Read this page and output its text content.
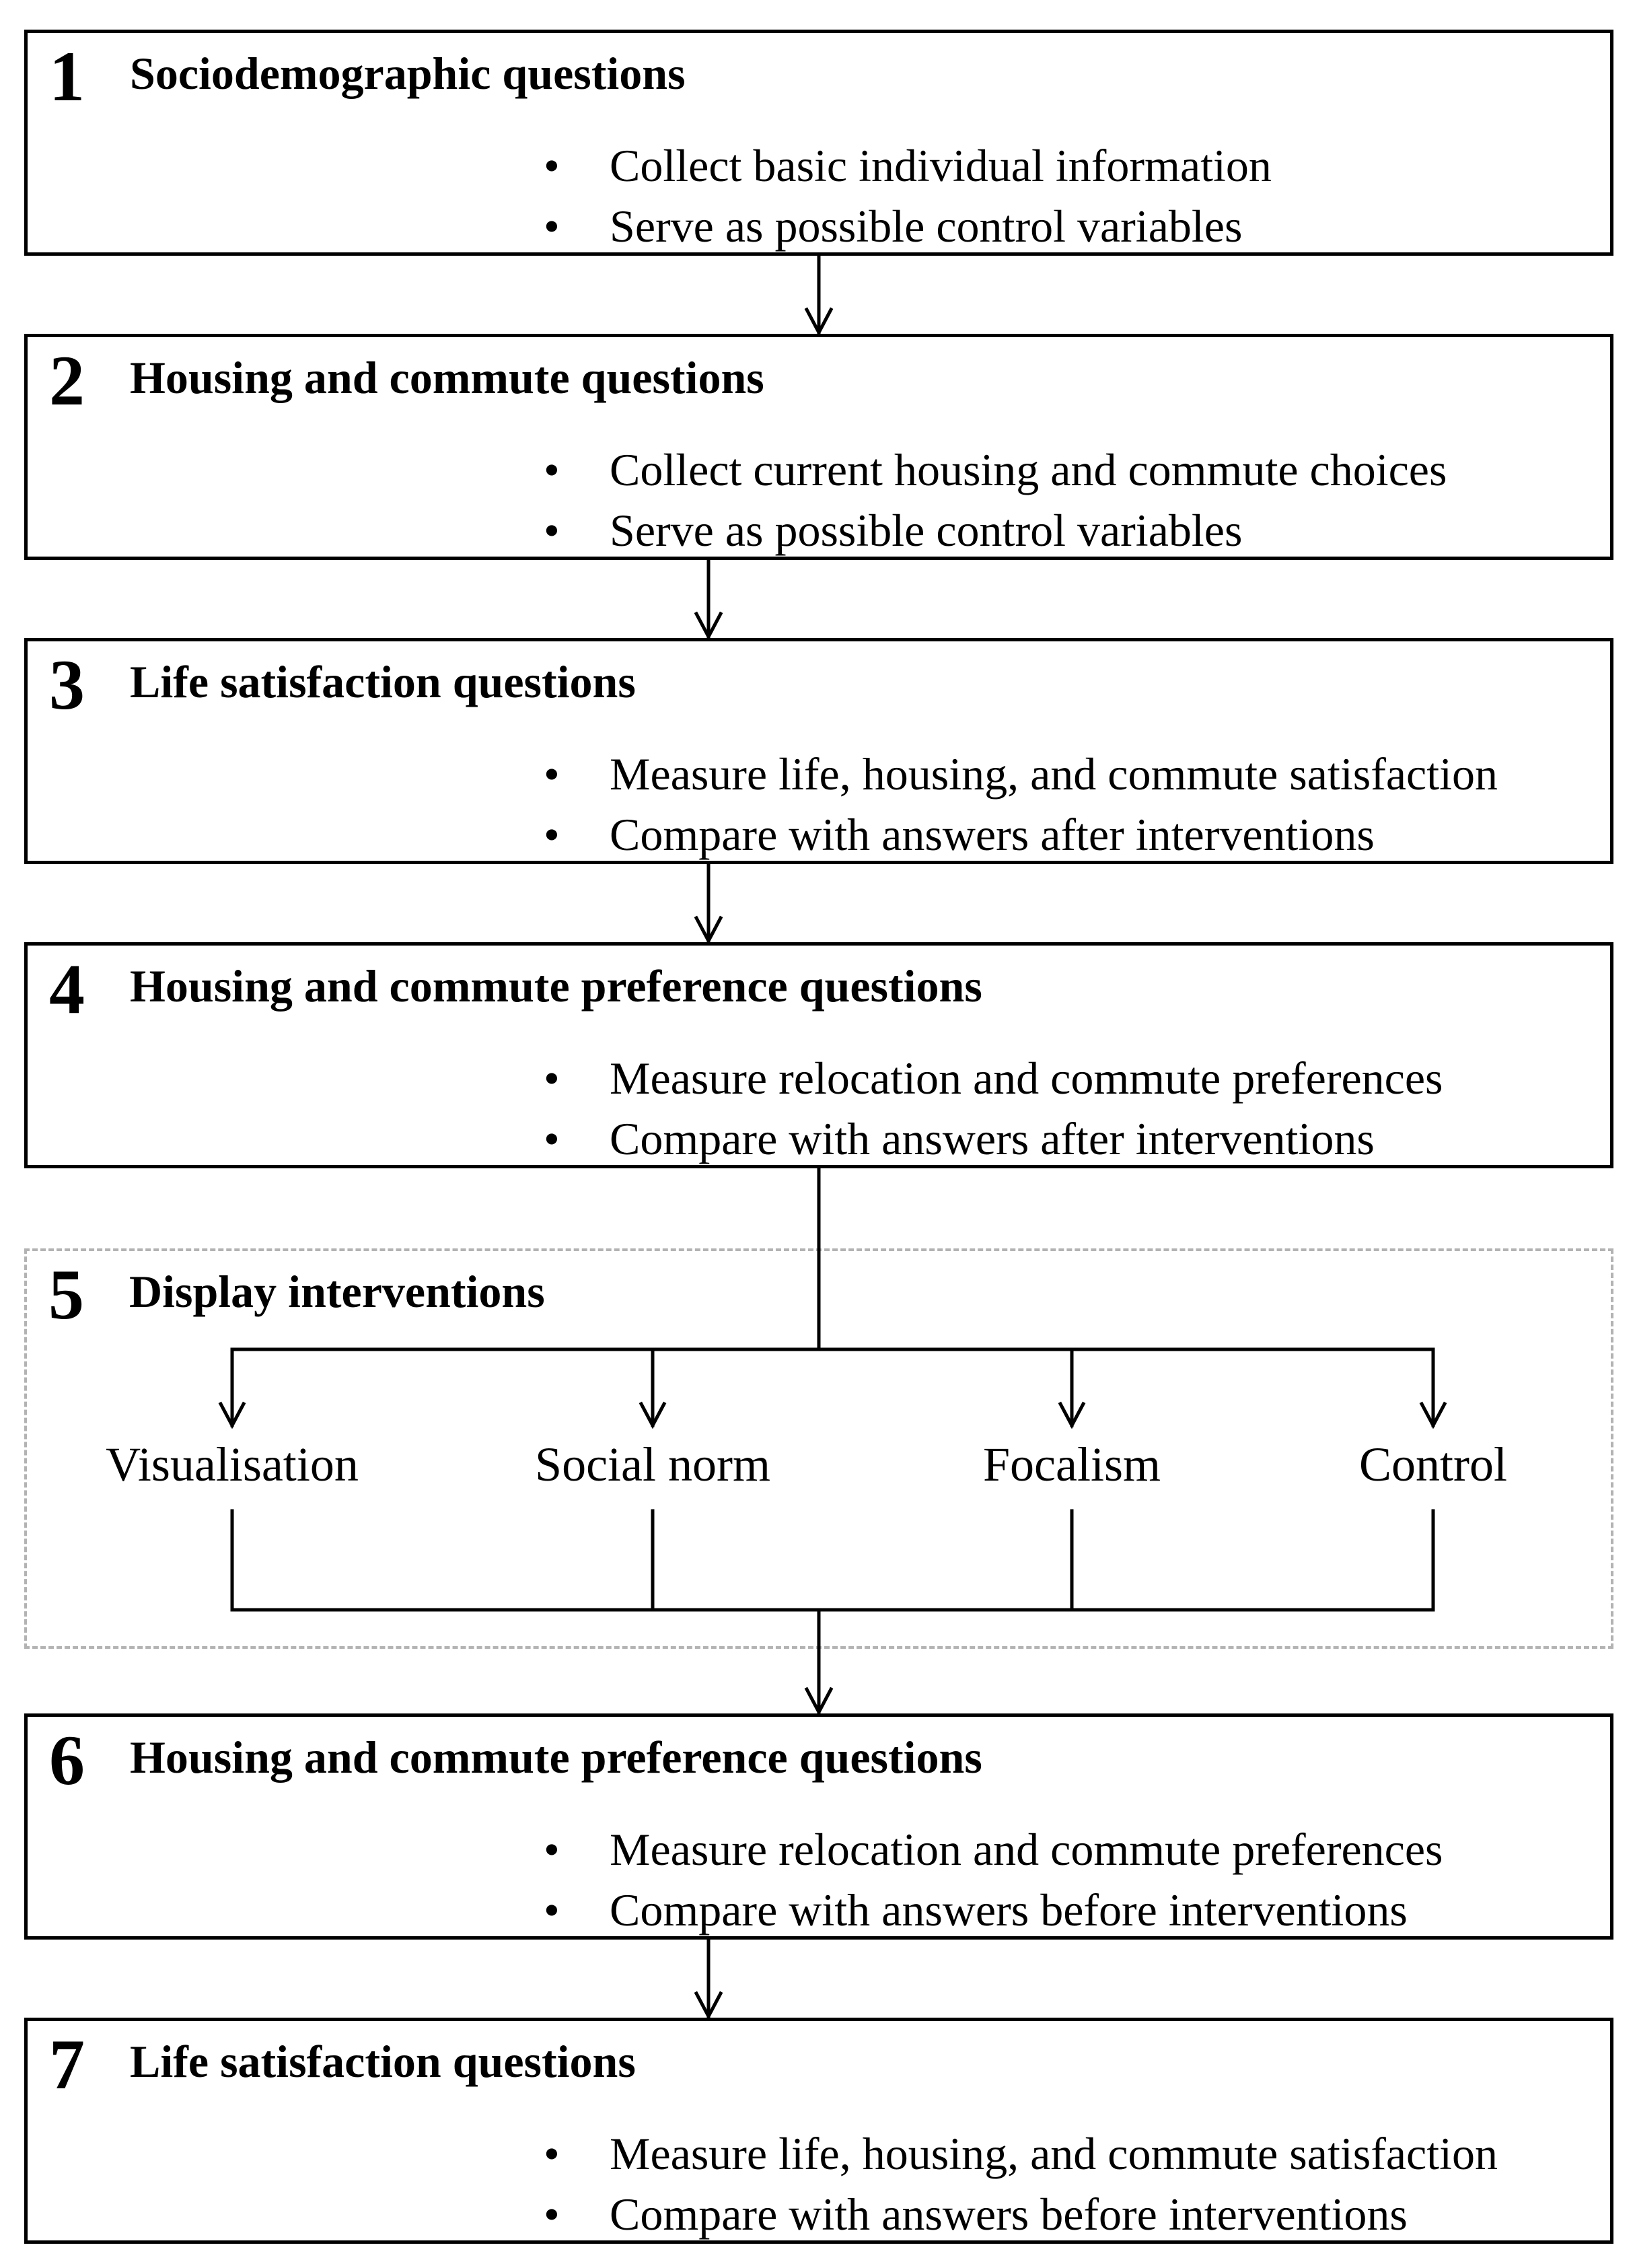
1 Sociodemographic questions
• Collect basic individual information
• Serve as possible control variables
2 Housing and commute questions
• Collect current housing and commute choices
• Serve as possible control variables
3 Life satisfaction questions
• Measure life, housing, and commute satisfaction
• Compare with answers after interventions
4 Housing and commute preference questions
• Measure relocation and commute preferences
• Compare with answers after interventions
5 Display interventions
Visualisation	Social norm	Focalism	Control
6 Housing and commute preference questions
• Measure relocation and commute preferences
• Compare with answers before interventions
7 Life satisfaction questions
• Measure life, housing, and commute satisfaction
• Compare with answers before interventions
